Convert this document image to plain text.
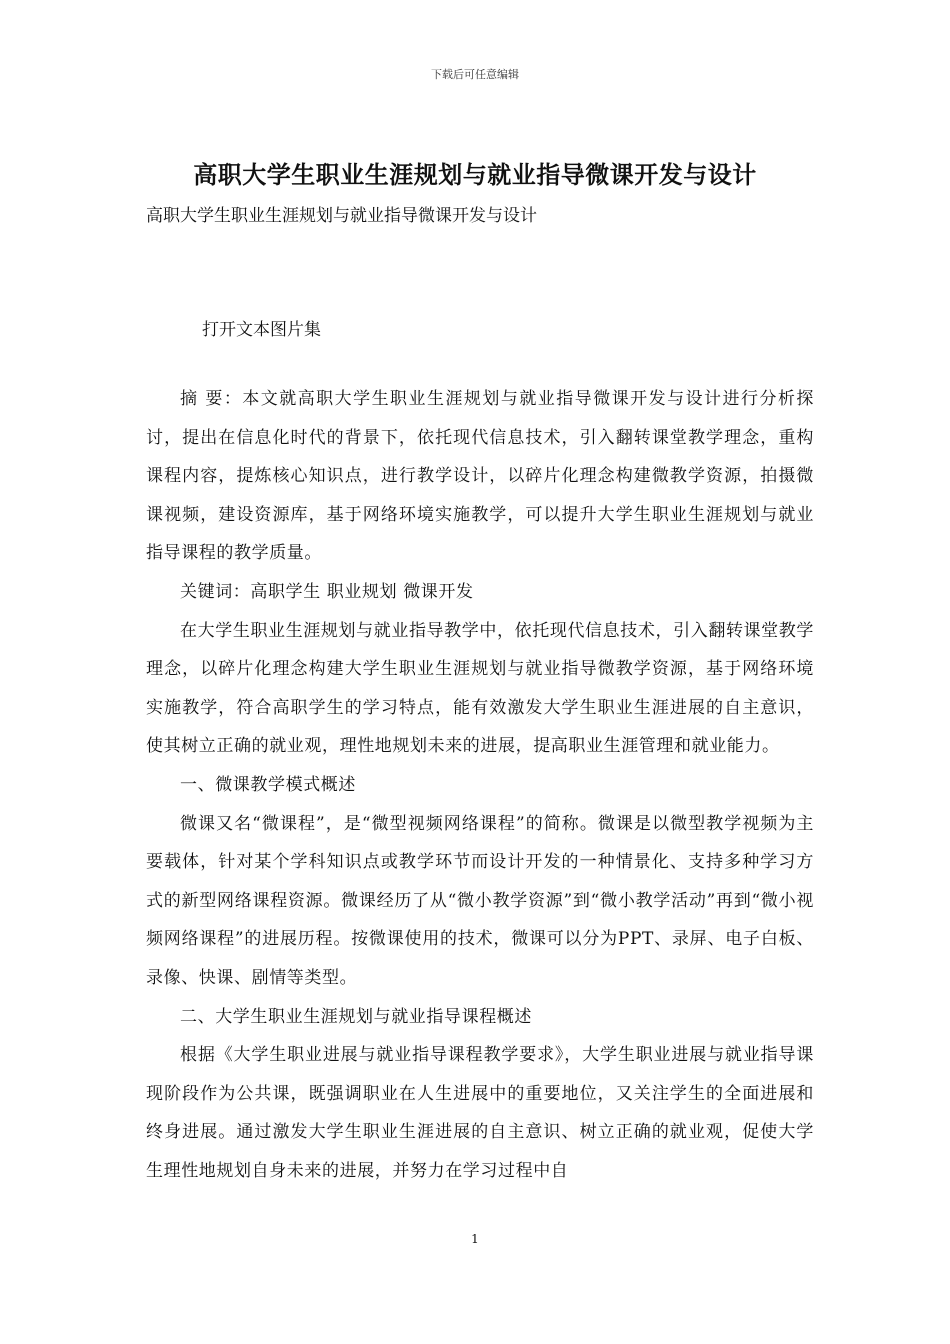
下载后可任意编辑
高职大学生职业生涯规划与就业指导微课开发与设计
高职大学生职业生涯规划与就业指导微课开发与设计
打开文本图片集

摘 要：本文就高职大学生职业生涯规划与就业指导微课开发与设计进行分析探讨，提出在信息化时代的背景下，依托现代信息技术，引入翻转课堂教学理念，重构课程内容，提炼核心知识点，进行教学设计，以碎片化理念构建微教学资源，拍摄微课视频，建设资源库，基于网络环境实施教学，可以提升大学生职业生涯规划与就业指导课程的教学质量。

关键词：高职学生 职业规划 微课开发

在大学生职业生涯规划与就业指导教学中，依托现代信息技术，引入翻转课堂教学理念，以碎片化理念构建大学生职业生涯规划与就业指导微教学资源，基于网络环境实施教学，符合高职学生的学习特点，能有效激发大学生职业生涯进展的自主意识，使其树立正确的就业观，理性地规划未来的进展，提高职业生涯管理和就业能力。

一、微课教学模式概述

微课又名“微课程”，是“微型视频网络课程”的简称。微课是以微型教学视频为主要载体，针对某个学科知识点或教学环节而设计开发的一种情景化、支持多种学习方式的新型网络课程资源。微课经历了从“微小教学资源”到“微小教学活动”再到“微小视频网络课程”的进展历程。按微课使用的技术，微课可以分为PPT、录屏、电子白板、录像、快课、剧情等类型。

二、大学生职业生涯规划与就业指导课程概述

根据《大学生职业进展与就业指导课程教学要求》，大学生职业进展与就业指导课现阶段作为公共课，既强调职业在人生进展中的重要地位，又关注学生的全面进展和终身进展。通过激发大学生职业生涯进展的自主意识、树立正确的就业观，促使大学生理性地规划自身未来的进展，并努力在学习过程中自

1
